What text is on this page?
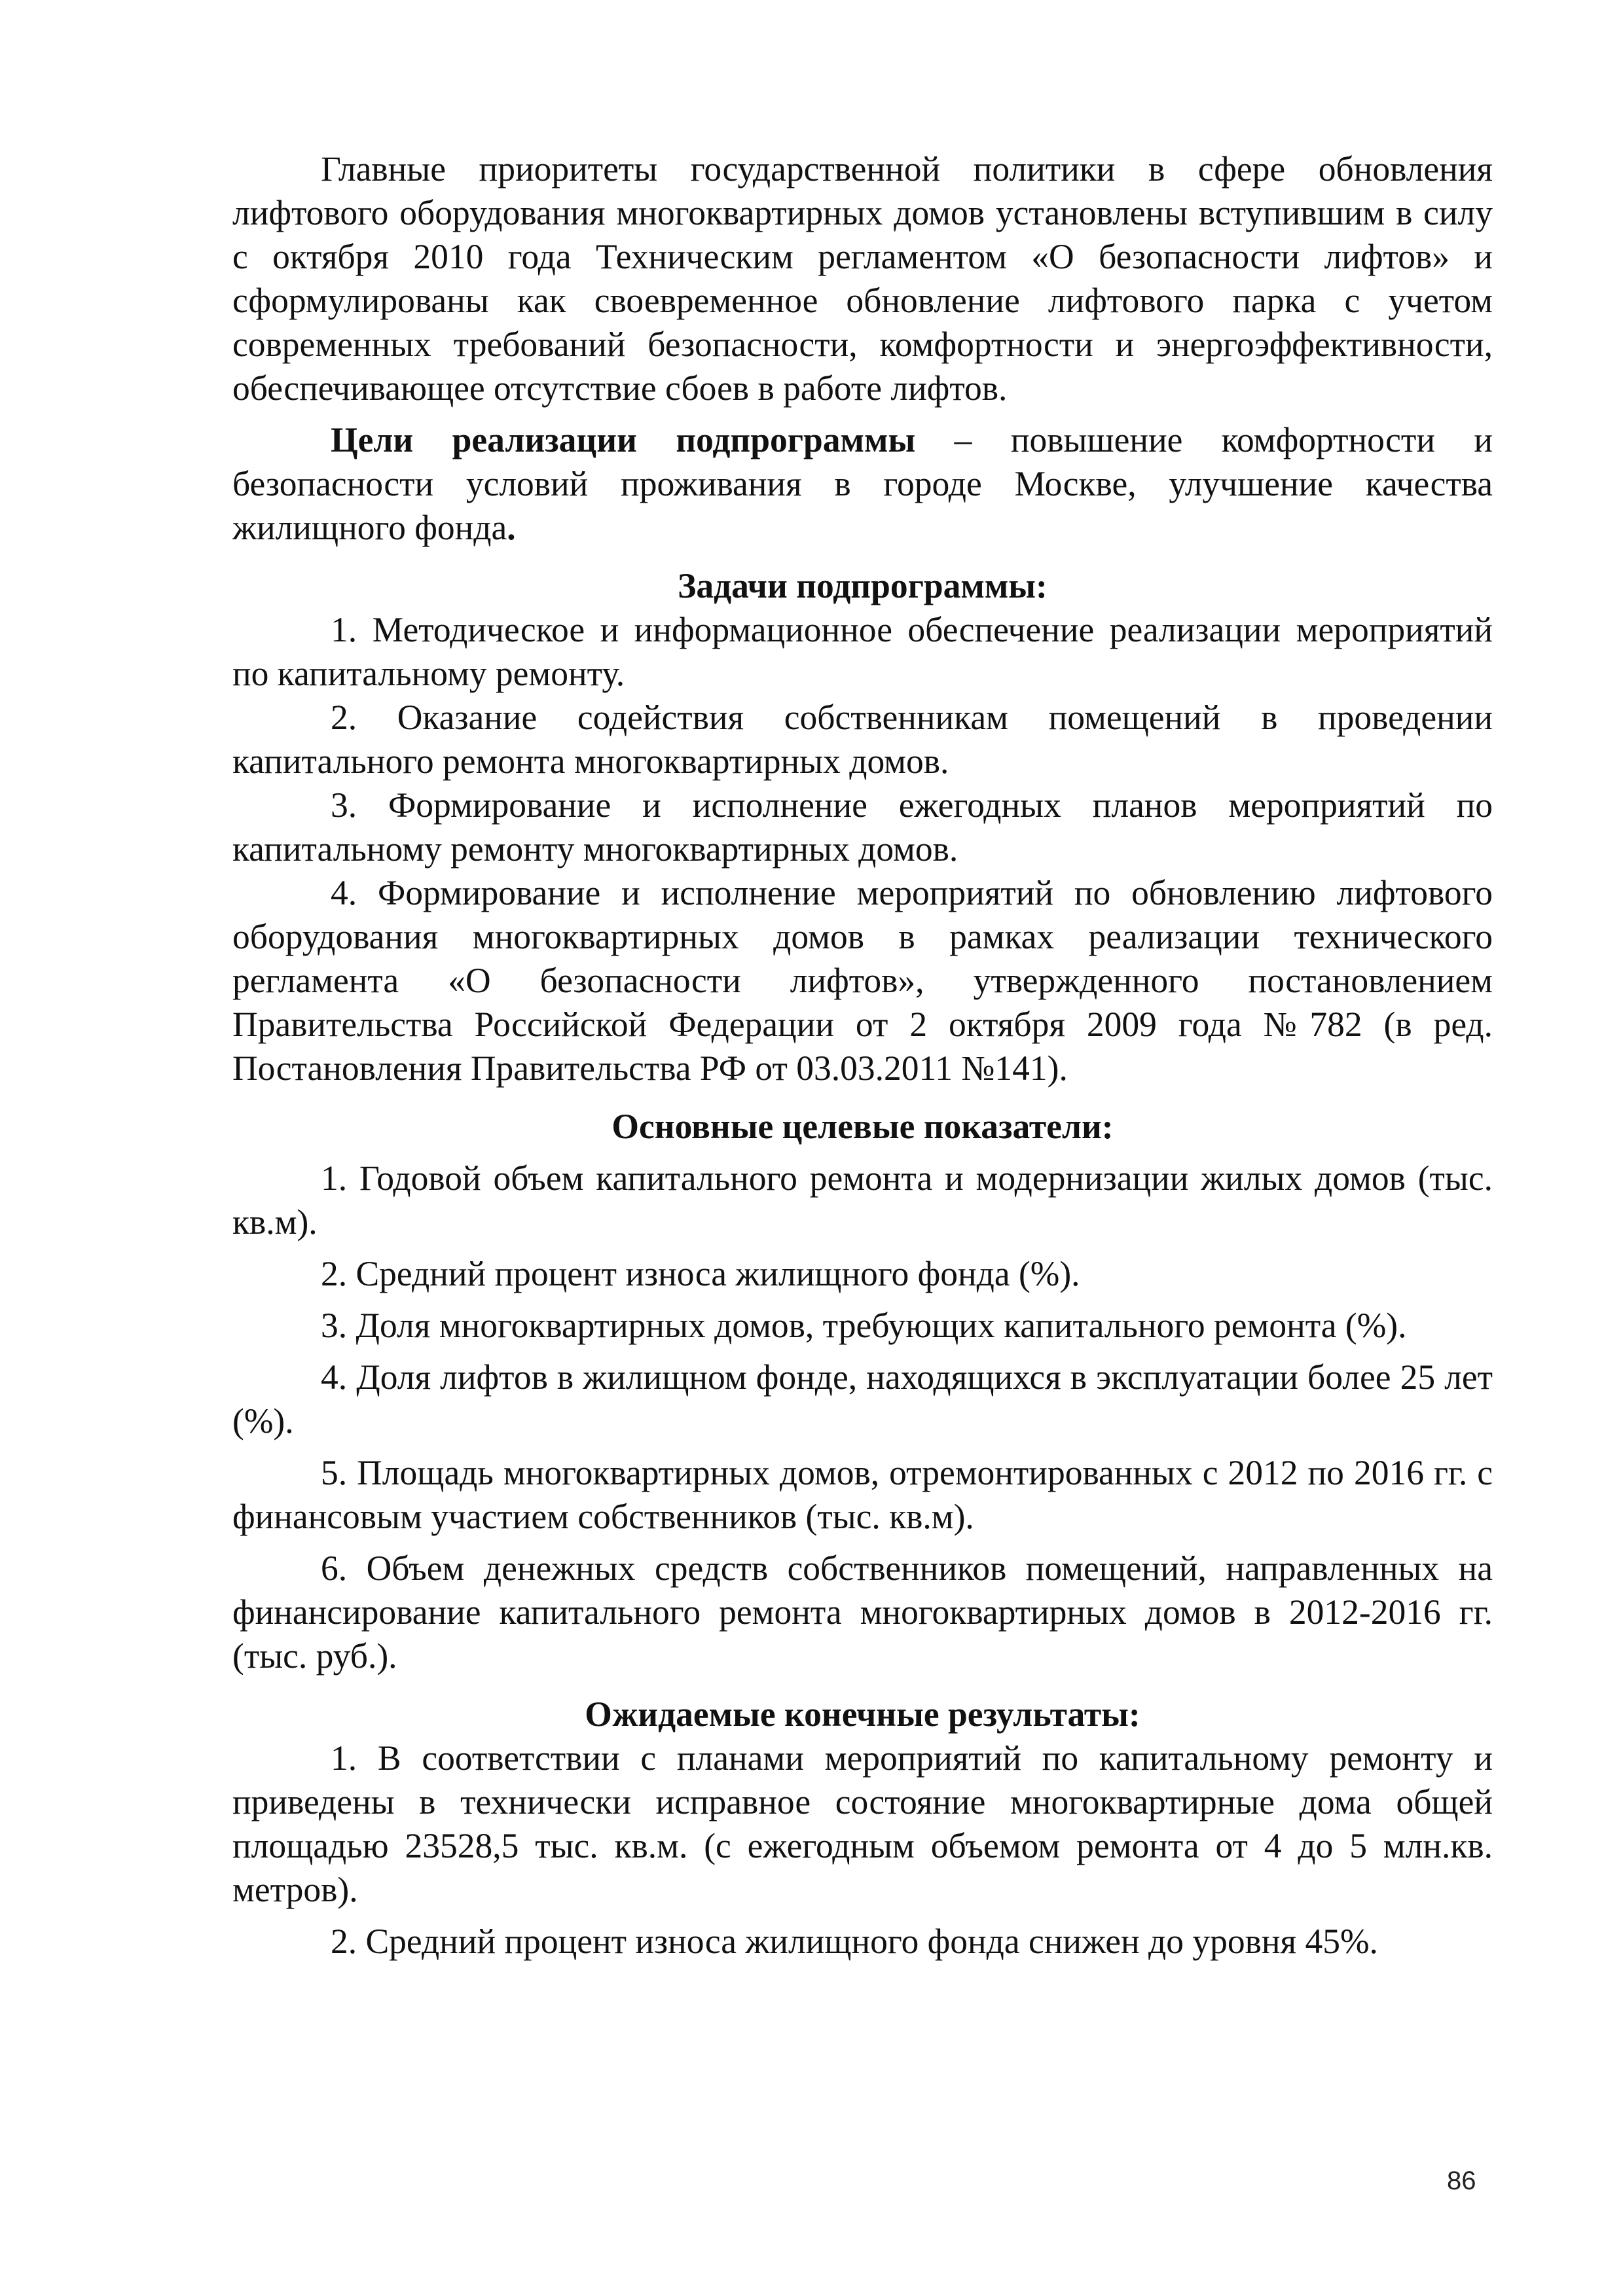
Главные приоритеты государственной политики в сфере обновления лифтового оборудования многоквартирных домов установлены вступившим в силу с октября 2010 года Техническим регламентом «О безопасности лифтов» и сформулированы как своевременное обновление лифтового парка с учетом современных требований безопасности, комфортности и энергоэффективности, обеспечивающее отсутствие сбоев в работе лифтов.

Цели реализации подпрограммы – повышение комфортности и безопасности условий проживания в городе Москве, улучшение качества жилищного фонда.

Задачи подпрограммы:

1. Методическое и информационное обеспечение реализации мероприятий по капитальному ремонту.

2. Оказание содействия собственникам помещений в проведении капитального ремонта многоквартирных домов.

3. Формирование и исполнение ежегодных планов мероприятий по капитальному ремонту многоквартирных домов.

4. Формирование и исполнение мероприятий по обновлению лифтового оборудования многоквартирных домов в рамках реализации технического регламента «О безопасности лифтов», утвержденного постановлением Правительства Российской Федерации от 2 октября 2009 года №782 (в ред. Постановления Правительства РФ от 03.03.2011 №141).

Основные целевые показатели:

1. Годовой объем капитального ремонта и модернизации жилых домов (тыс. кв.м).

2. Средний процент износа жилищного фонда (%).

3. Доля многоквартирных домов, требующих капитального ремонта (%).

4. Доля лифтов в жилищном фонде, находящихся в эксплуатации более 25 лет (%).

5. Площадь многоквартирных домов, отремонтированных с 2012 по 2016 гг. с финансовым участием собственников (тыс. кв.м).

6. Объем денежных средств собственников помещений, направленных на финансирование капитального ремонта многоквартирных домов в 2012-2016 гг. (тыс. руб.).

Ожидаемые конечные результаты:

1. В соответствии с планами мероприятий по капитальному ремонту и приведены в технически исправное состояние многоквартирные дома общей площадью 23528,5 тыс. кв.м. (с ежегодным объемом ремонта от 4 до 5 млн.кв. метров).

2. Средний процент износа жилищного фонда снижен до уровня 45%.

86
